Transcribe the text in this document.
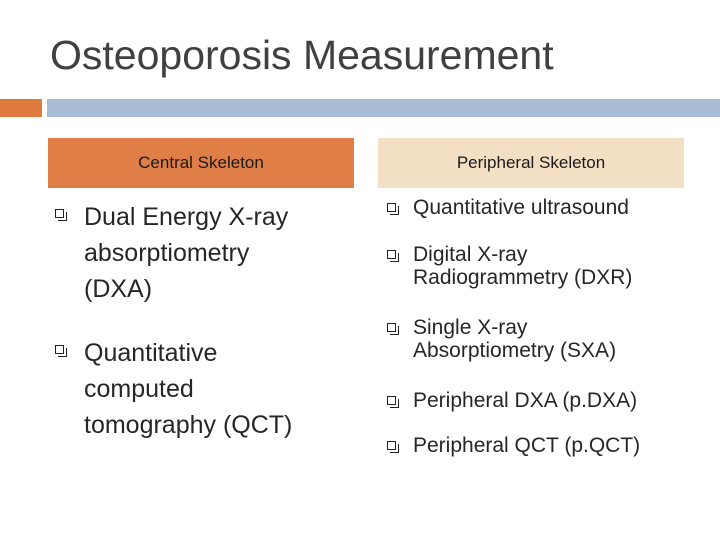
Osteoporosis Measurement
Central Skeleton	Peripheral Skeleton
Dual Energy X-ray
absorptiometry
(DXA)
Quantitative
computed
tomography (QCT)
Quantitative ultrasound
Digital X-ray
Radiogrammetry (DXR)
Single X-ray
Absorptiometry (SXA)
Peripheral DXA (p.DXA)
Peripheral QCT (p.QCT)
